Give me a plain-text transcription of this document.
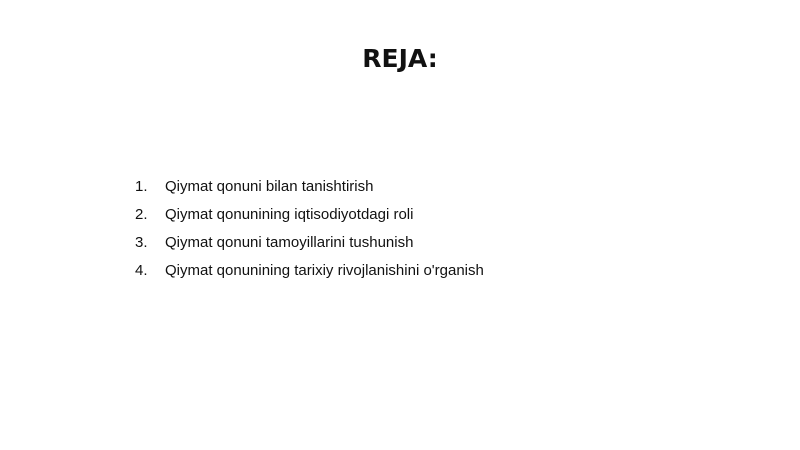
REJA:
1.	Qiymat qonuni bilan tanishtirish
2.	Qiymat qonunining iqtisodiyotdagi roli
3.	Qiymat qonuni tamoyillarini tushunish
4.	Qiymat qonunining tarixiy rivojlanishini o'rganish
